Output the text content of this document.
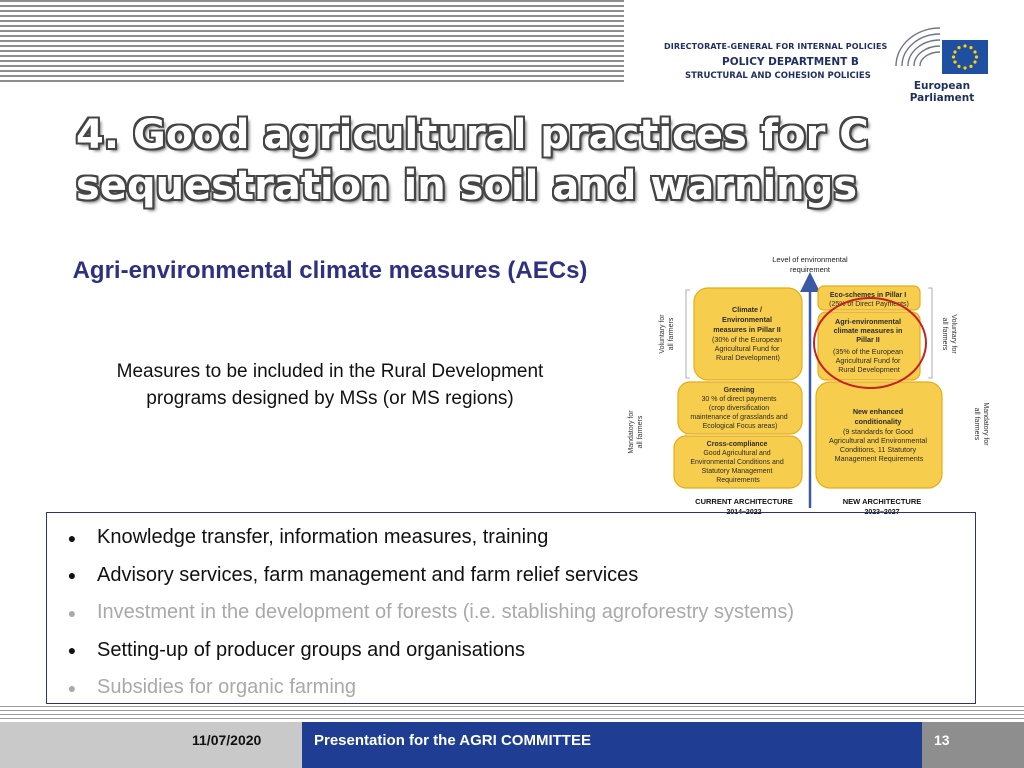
DIRECTORATE-GENERAL FOR INTERNAL POLICIES
POLICY DEPARTMENT B
STRUCTURAL AND COHESION POLICIES
European Parliament
4. Good agricultural practices for C sequestration in soil and warnings
Agri-environmental climate measures (AECs)
Measures to be included in the Rural Development programs designed by MSs (or MS regions)
Level of environmental
requirement
Voluntary for all farmers
Mandatory for all farmers
Voluntary forall farmers
Mandatory forall farmers
Climate / Environmental measures in Pillar II (30% of the European Agricultural Fund for Rural Development)
Greening 30 % of direct payments (crop diversification maintenance of grasslands and Ecological Focus areas)
Cross-compliance Good Agricultural and Environmental Conditions and Statutory Management Requirements
Eco-schemes in Pillar I (25% of Direct Payments)
Agri-environmental climate measures in Pillar II (35% of the European Agricultural Fund for Rural Development
New enhanced conditionality (9 standards for Good Agricultural and Environmental Conditions, 11 Statutory Management Requirements
CURRENT ARCHITECTURE
2014–2022
NEW ARCHITECTURE
2023–2027
●	Knowledge transfer, information measures, training
●	Advisory services, farm management and farm relief services
●	Investment in the development of forests (i.e. stablishing agroforestry systems)
●	Setting-up of producer groups and organisations
●	Subsidies for organic farming
11/07/2020	Presentation for the AGRI COMMITTEE	13
